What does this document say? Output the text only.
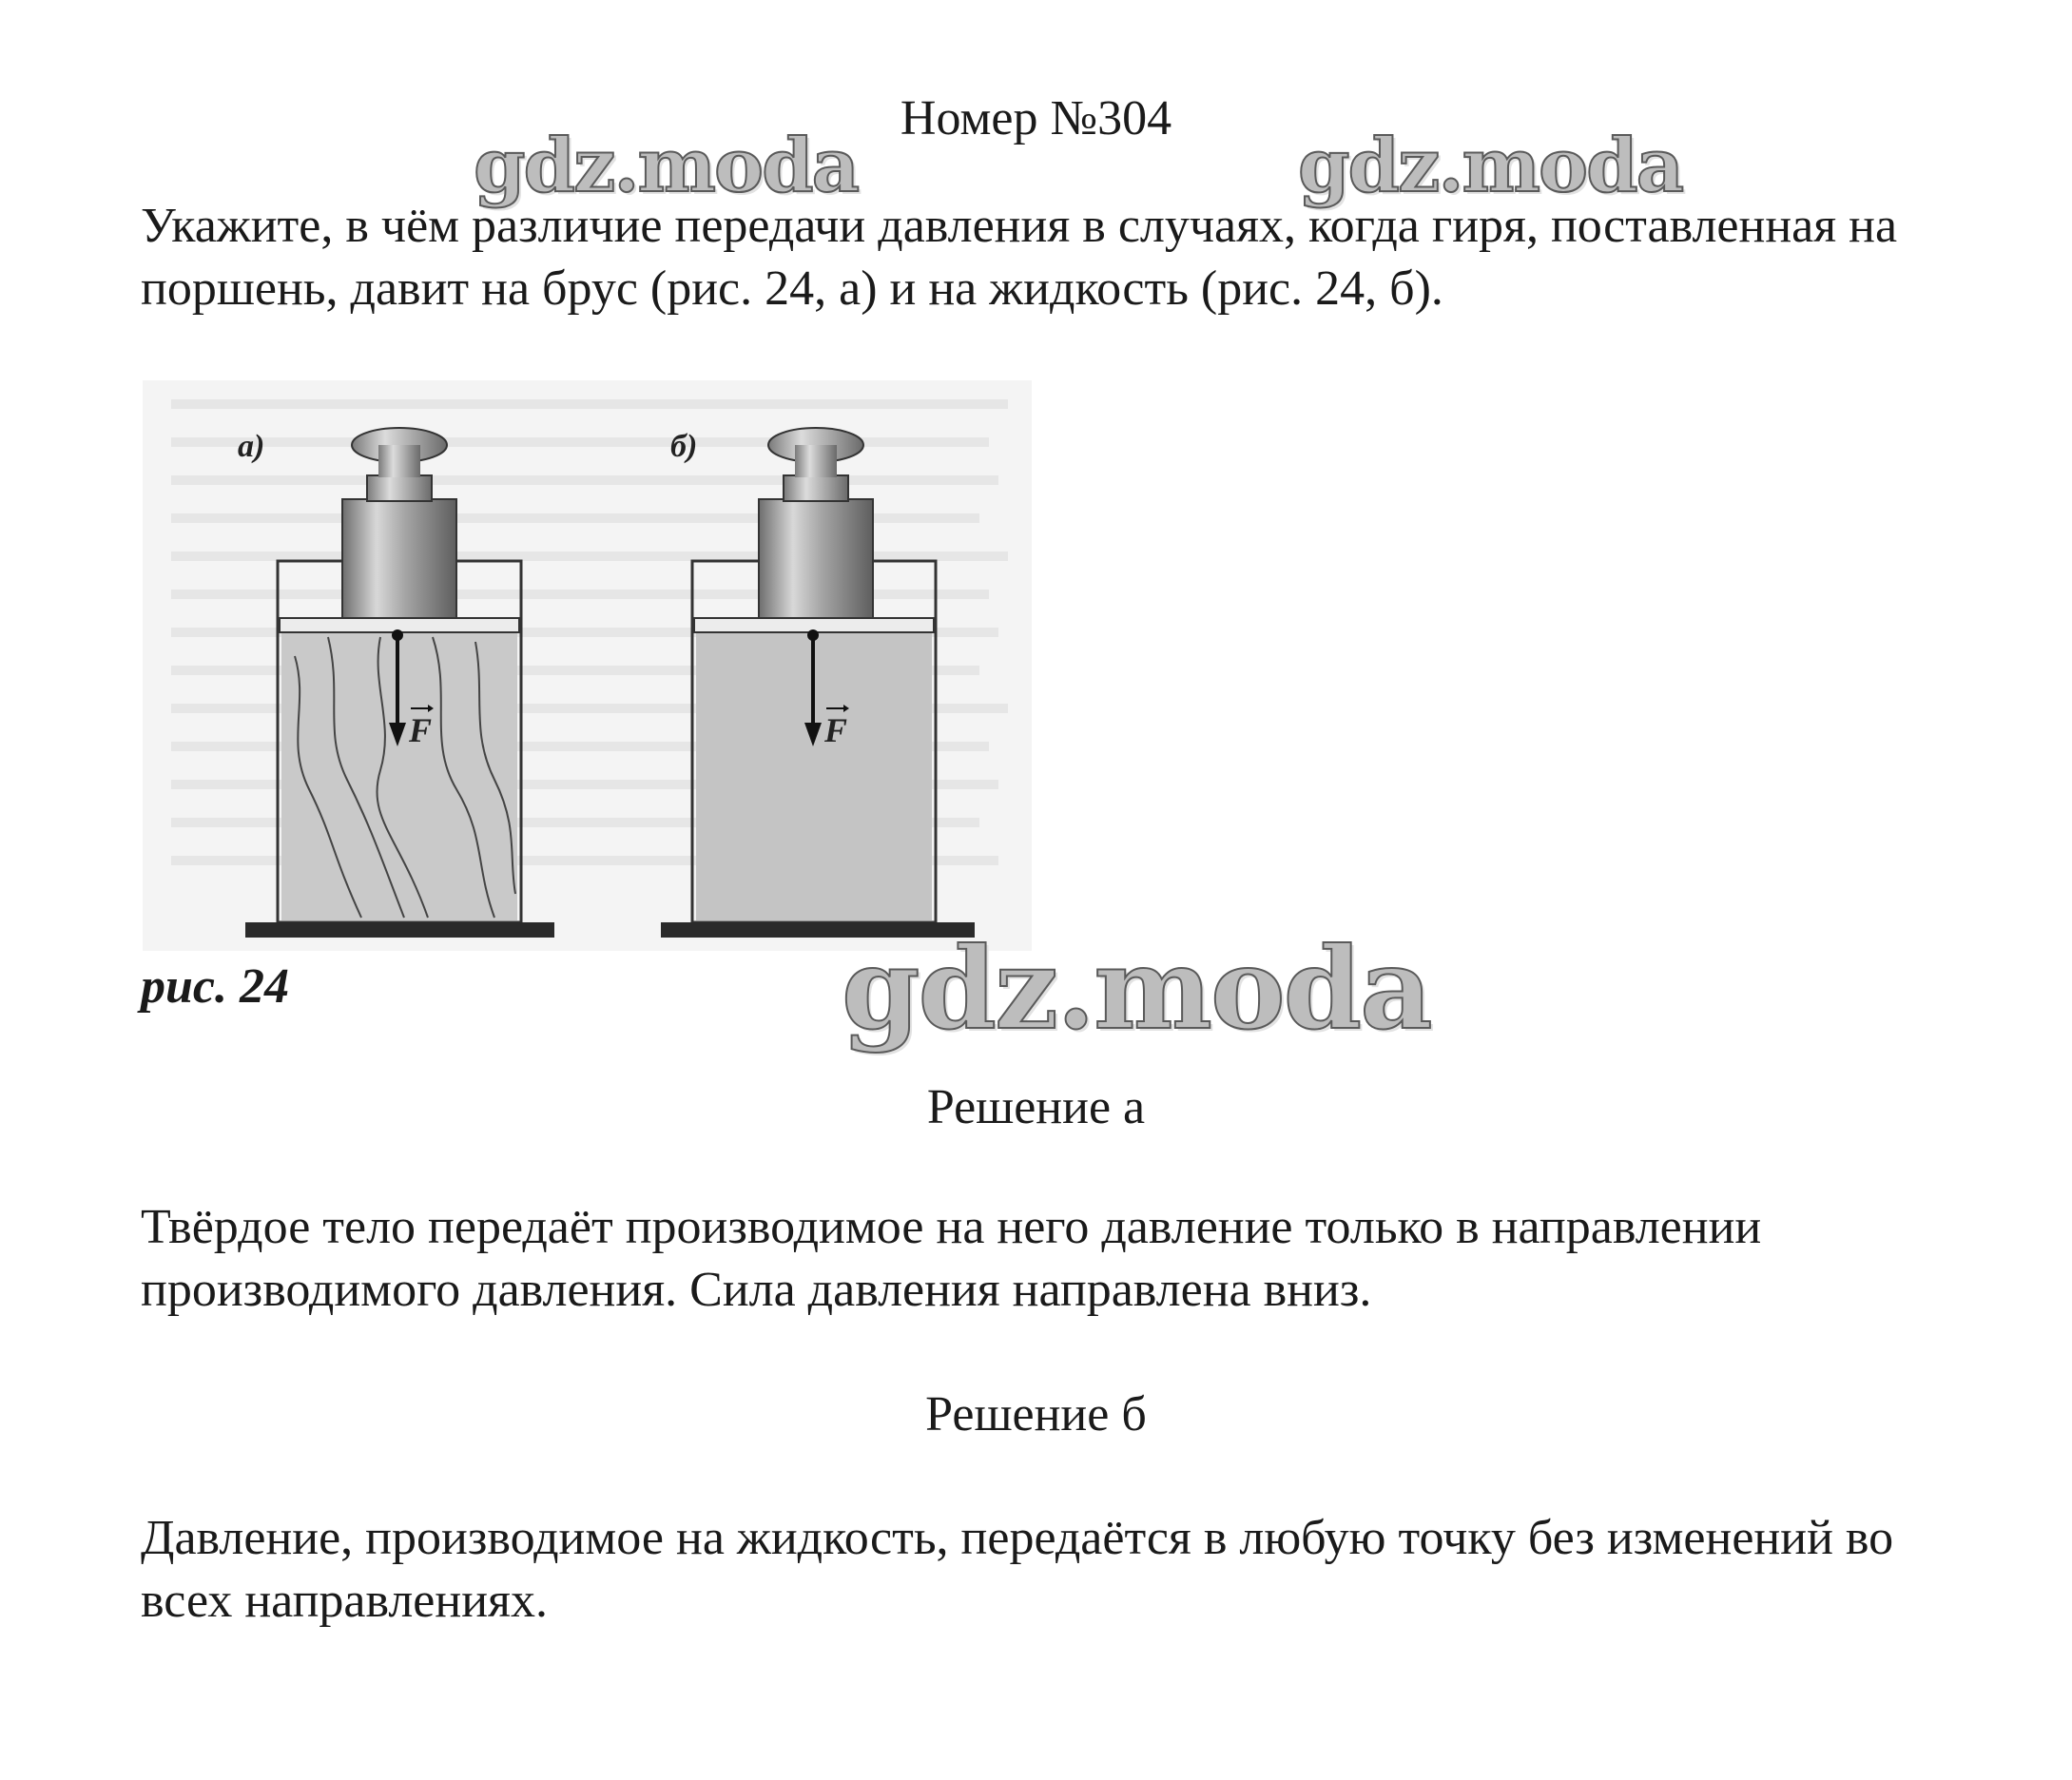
Номер №304
gdz.moda	gdz.moda

Укажите, в чём различие передачи давления в случаях, когда гиря, поставленная на поршень, давит на брус (рис. 24, а) и на жидкость (рис. 24, б).

а)
F
б)
F
рис. 24	gdz.moda
Решение а

Твёрдое тело передаёт производимое на него давление только в направлении производимого давления. Сила давления направлена вниз.

Решение б

Давление, производимое на жидкость, передаётся в любую точку без изменений во всех направлениях.
